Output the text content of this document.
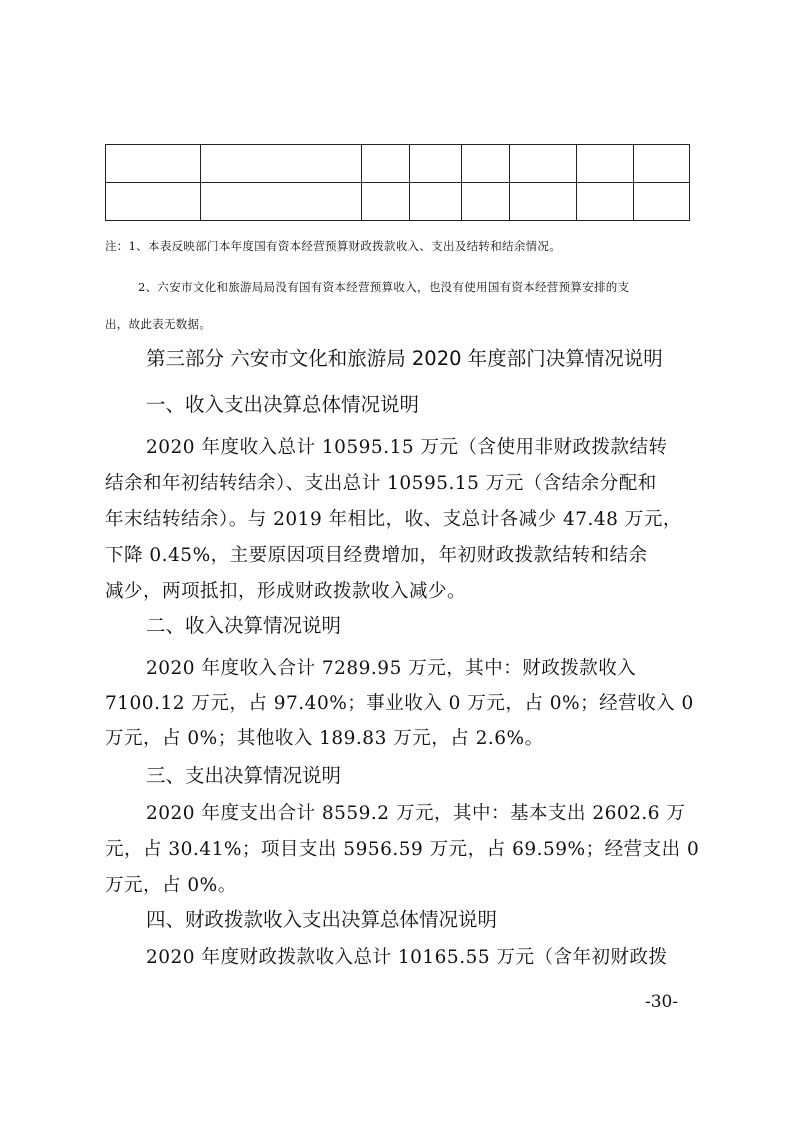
注：1、本表反映部门本年度国有资本经营预算财政拨款收入、支出及结转和结余情况。
2、六安市文化和旅游局局没有国有资本经营预算收入，也没有使用国有资本经营预算安排的支
出，故此表无数据。
第三部分 六安市文化和旅游局 2020 年度部门决算情况说明
一、收入支出决算总体情况说明
2020 年度收入总计 10595.15 万元（含使用非财政拨款结转
结余和年初结转结余）、支出总计 10595.15 万元（含结余分配和
年末结转结余）。与 2019 年相比，收、支总计各减少 47.48 万元，
下降 0.45%，主要原因项目经费增加，年初财政拨款结转和结余
减少，两项抵扣，形成财政拨款收入减少。
二、收入决算情况说明
2020 年度收入合计 7289.95 万元，其中：财政拨款收入
7100.12 万元，占 97.40%；事业收入 0 万元，占 0%；经营收入 0
万元，占 0%；其他收入 189.83 万元，占 2.6%。
三、支出决算情况说明
2020 年度支出合计 8559.2 万元，其中：基本支出 2602.6 万
元，占 30.41%；项目支出 5956.59 万元，占 69.59%；经营支出 0
万元，占 0%。
四、财政拨款收入支出决算总体情况说明
2020 年度财政拨款收入总计 10165.55 万元（含年初财政拨
-30-
